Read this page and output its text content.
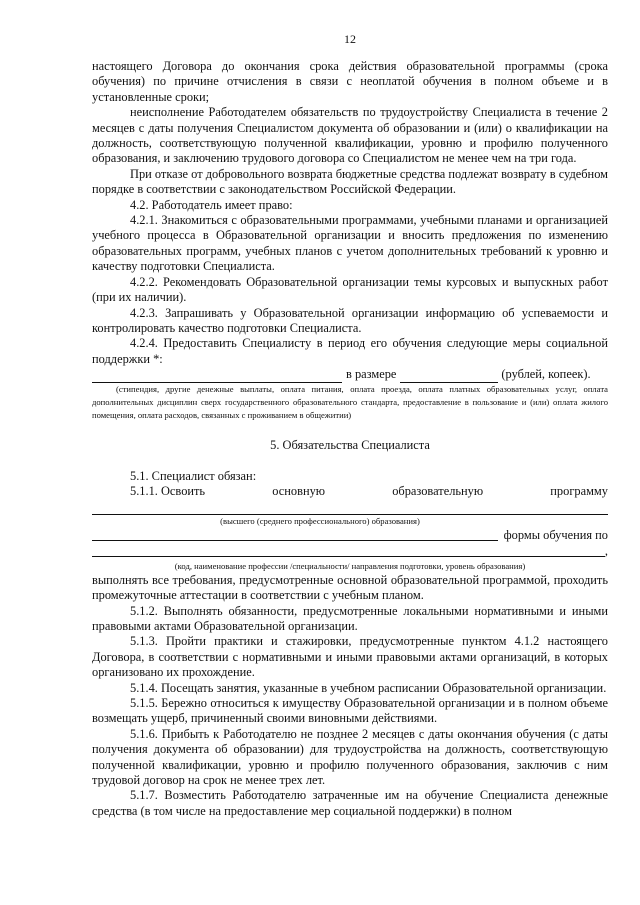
12

настоящего Договора до окончания срока действия образовательной программы (срока обучения) по причине отчисления в связи с неоплатой обучения в полном объеме и в установленные сроки;

неисполнение Работодателем обязательств по трудоустройству Специалиста в течение 2 месяцев с даты получения Специалистом документа об образовании и (или) о квалификации на должность, соответствующую полученной квалификации, уровню и профилю полученного образования, и заключению трудового договора со Специалистом не менее чем на три года.

При отказе от добровольного возврата бюджетные средства подлежат возврату в судебном порядке в соответствии с законодательством Российской Федерации.

4.2. Работодатель имеет право:

4.2.1. Знакомиться с образовательными программами, учебными планами и организацией учебного процесса в Образовательной организации и вносить предложения по изменению образовательных программ, учебных планов с учетом дополнительных требований к уровню и качеству подготовки Специалиста.

4.2.2. Рекомендовать Образовательной организации темы курсовых и выпускных работ (при их наличии).

4.2.3. Запрашивать у Образовательной организации информацию об успеваемости и контролировать качество подготовки Специалиста.

4.2.4. Предоставить Специалисту в период его обучения следующие меры социальной поддержки *:

в размере	(рублей, копеек).

(стипендия, другие денежные выплаты, оплата питания, оплата проезда, оплата платных образовательных услуг, оплата дополнительных дисциплин сверх государственного образовательного стандарта, предоставление в пользование и (или) оплата жилого помещения, оплата расходов, связанных с проживанием в общежитии)

5. Обязательства Специалиста

5.1. Специалист обязан:

5.1.1. Освоить	основную	образовательную	программу

(высшего (среднего профессионального) образования)

формы обучения по
,

(код, наименование профессии /специальности/ направления подготовки, уровень образования)

выполнять все требования, предусмотренные основной образовательной программой, проходить промежуточные аттестации в соответствии с учебным планом.

5.1.2. Выполнять обязанности, предусмотренные локальными нормативными и иными правовыми актами Образовательной организации.

5.1.3. Пройти практики и стажировки, предусмотренные пунктом 4.1.2 настоящего Договора, в соответствии с нормативными и иными правовыми актами организаций, в которых организовано их прохождение.

5.1.4. Посещать занятия, указанные в учебном расписании Образовательной организации.

5.1.5. Бережно относиться к имуществу Образовательной организации и в полном объеме возмещать ущерб, причиненный своими виновными действиями.

5.1.6. Прибыть к Работодателю не позднее 2 месяцев с даты окончания обучения (с даты получения документа об образовании) для трудоустройства на должность, соответствующую полученной квалификации, уровню и профилю полученного образования, заключив с ним трудовой договор на срок не менее трех лет.

5.1.7. Возместить Работодателю затраченные им на обучение Специалиста денежные средства (в том числе на предоставление мер социальной поддержки) в полном
